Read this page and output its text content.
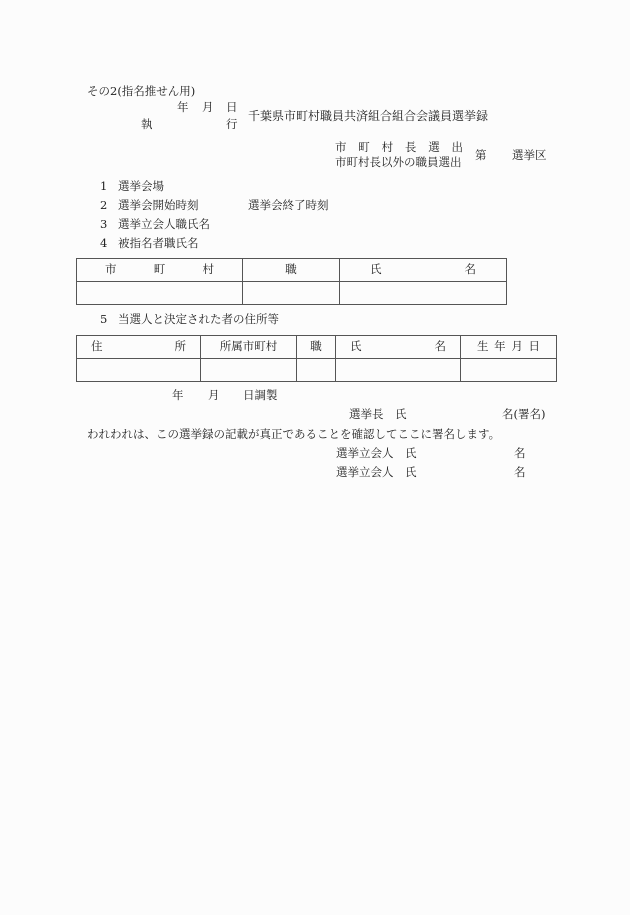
その2(指名推せん用)
年 月 日
執	行
千葉県市町村職員共済組合組合会議員選挙録
市 町 村 長 選 出
市町村長以外の職員選出 第 選挙区
1 選挙会場
2 選挙会開始時刻	選挙会終了時刻
3 選挙立会人職氏名
4 被指名者職氏名
市 町 村	職	氏 名

5 当選人と決定された者の住所等
住 所	所属市町村	職	氏 名	生 年 月 日

年 月 日調製
選挙長　氏	名(署名)
われわれは、この選挙録の記載が真正であることを確認してここに署名します。
選挙立会人　氏	名
選挙立会人　氏	名
